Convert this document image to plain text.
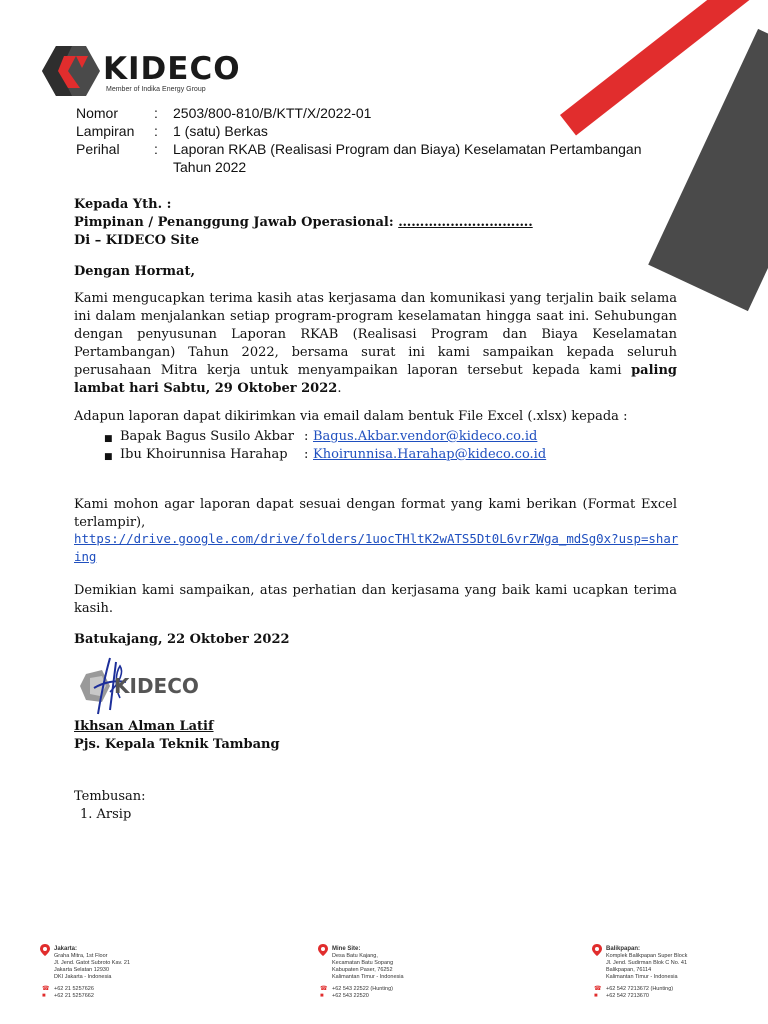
KIDECO
Member of Indika Energy Group
Nomor	: 2503/800-810/B/KTT/X/2022-01
Lampiran : 1 (satu) Berkas
Perihal : Laporan RKAB (Realisasi Program dan Biaya) Keselamatan Pertambangan
Tahun 2022
Kepada Yth. :
Pimpinan / Penanggung Jawab Operasional: ………………………….
Di – KIDECO Site
Dengan Hormat,
Kami mengucapkan terima kasih atas kerjasama dan komunikasi yang terjalin baik selama ini dalam menjalankan setiap program-program keselamatan hingga saat ini. Sehubungan dengan penyusunan Laporan RKAB (Realisasi Program dan Biaya Keselamatan Pertambangan) Tahun 2022, bersama surat ini kami sampaikan kepada seluruh perusahaan Mitra kerja untuk menyampaikan laporan tersebut kepada kami paling lambat hari Sabtu, 29 Oktober 2022.
Adapun laporan dapat dikirimkan via email dalam bentuk File Excel (.xlsx) kepada :
■ Bapak Bagus Susilo Akbar : Bagus.Akbar.vendor@kideco.co.id
■ Ibu Khoirunnisa Harahap : Khoirunnisa.Harahap@kideco.co.id
Kami mohon agar laporan dapat sesuai dengan format yang kami berikan (Format Excel terlampir),
https://drive.google.com/drive/folders/1uocTHltK2wATS5Dt0L6vrZWga_mdSg0x?usp=sharing
Demikian kami sampaikan, atas perhatian dan kerjasama yang baik kami ucapkan terima kasih.
Batukajang, 22 Oktober 2022
KIDECO
Ikhsan Alman Latif
Pjs. Kepala Teknik Tambang
Tembusan:
1. Arsip
Jakarta:
Graha Mitra, 1st Floor
Jl. Jend. Gatot Subroto Kav. 21
Jakarta Selatan 12930
DKI Jakarta - Indonesia
☎ +62 21 5257626
■ +62 21 5257662
Mine Site:
Desa Batu Kajang,
Kecamatan Batu Sopang
Kabupaten Paser, 76252
Kalimantan Timur - Indonesia
☎ +62 543 22522 (Hunting)
■ +62 543 22520
Balikpapan:
Komplek Balikpapan Super Block
Jl. Jend. Sudirman Blok C No. 41
Balikpapan, 76114
Kalimantan Timur - Indonesia
☎ +62 542 7213672 (Hunting)
■ +62 542 7213670
